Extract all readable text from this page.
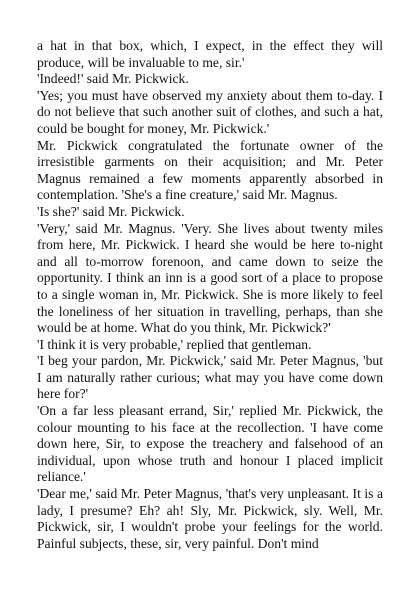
a hat in that box, which, I expect, in the effect they will produce, will be invaluable to me, sir.'

'Indeed!' said Mr. Pickwick.

'Yes; you must have observed my anxiety about them to-day. I do not believe that such another suit of clothes, and such a hat, could be bought for money, Mr. Pickwick.'

Mr. Pickwick congratulated the fortunate owner of the irresistible garments on their acquisition; and Mr. Peter Magnus remained a few moments apparently absorbed in contemplation. 'She's a fine creature,' said Mr. Magnus.

'Is she?' said Mr. Pickwick.

'Very,' said Mr. Magnus. 'Very. She lives about twenty miles from here, Mr. Pickwick. I heard she would be here to-night and all to-morrow forenoon, and came down to seize the opportunity. I think an inn is a good sort of a place to propose to a single woman in, Mr. Pickwick. She is more likely to feel the loneliness of her situation in travelling, perhaps, than she would be at home. What do you think, Mr. Pickwick?'

'I think it is very probable,' replied that gentleman.

'I beg your pardon, Mr. Pickwick,' said Mr. Peter Magnus, 'but I am naturally rather curious; what may you have come down here for?'

'On a far less pleasant errand, Sir,' replied Mr. Pickwick, the colour mounting to his face at the recollection. 'I have come down here, Sir, to expose the treachery and falsehood of an individual, upon whose truth and honour I placed implicit reliance.'

'Dear me,' said Mr. Peter Magnus, 'that's very unpleasant. It is a lady, I presume? Eh? ah! Sly, Mr. Pickwick, sly. Well, Mr. Pickwick, sir, I wouldn't probe your feelings for the world. Painful subjects, these, sir, very painful. Don't mind
